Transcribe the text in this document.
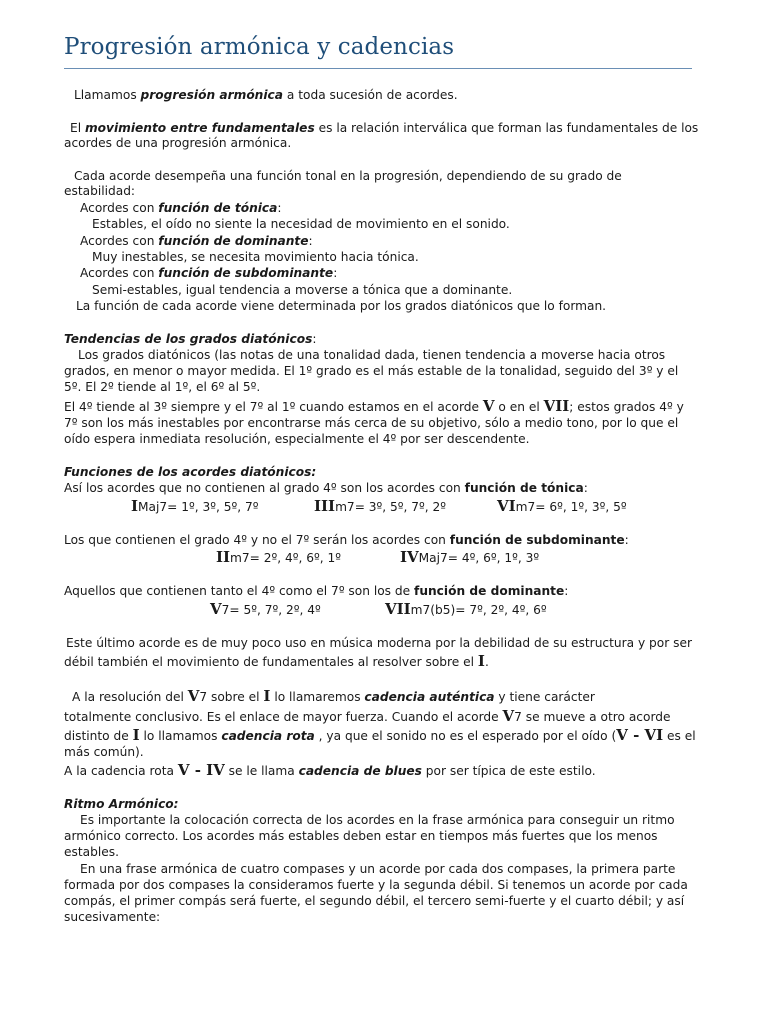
Progresión armónica y cadencias
Llamamos progresión armónica a toda sucesión de acordes.
El movimiento entre fundamentales es la relación interválica que forman las fundamentales de los
acordes de una progresión armónica.
Cada acorde desempeña una función tonal en la progresión, dependiendo de su grado de
estabilidad:
Acordes con función de tónica:
Estables, el oído no siente la necesidad de movimiento en el sonido.
Acordes con función de dominante:
Muy inestables, se necesita movimiento hacia tónica.
Acordes con función de subdominante:
Semi-estables, igual tendencia a moverse a tónica que a dominante.
La función de cada acorde viene determinada por los grados diatónicos que lo forman.
Tendencias de los grados diatónicos:
Los grados diatónicos (las notas de una tonalidad dada, tienen tendencia a moverse hacia otros
grados, en menor o mayor medida. El 1º grado es el más estable de la tonalidad, seguido del 3º y el
5º. El 2º tiende al 1º, el 6º al 5º.
El 4º tiende al 3º siempre y el 7º al 1º cuando estamos en el acorde V o en el VII; estos grados 4º y
7º son los más inestables por encontrarse más cerca de su objetivo, sólo a medio tono, por lo que el
oído espera inmediata resolución, especialmente el 4º por ser descendente.
Funciones de los acordes diatónicos:
Así los acordes que no contienen al grado 4º son los acordes con función de tónica:
IMaj7= 1º, 3º, 5º, 7º	IIIm7= 3º, 5º, 7º, 2º	VIm7= 6º, 1º, 3º, 5º
Los que contienen el grado 4º y no el 7º serán los acordes con función de subdominante:
IIm7= 2º, 4º, 6º, 1º	IVMaj7= 4º, 6º, 1º, 3º
Aquellos que contienen tanto el 4º como el 7º son los de función de dominante:
V7= 5º, 7º, 2º, 4º	VIIm7(b5)= 7º, 2º, 4º, 6º
Este último acorde es de muy poco uso en música moderna por la debilidad de su estructura y por ser
débil también el movimiento de fundamentales al resolver sobre el I.
A la resolución del V7 sobre el I lo llamaremos cadencia auténtica y tiene carácter
totalmente conclusivo. Es el enlace de mayor fuerza. Cuando el acorde V7 se mueve a otro acorde
distinto de I lo llamamos cadencia rota , ya que el sonido no es el esperado por el oído (V - VI es el
más común).
A la cadencia rota V - IV se le llama cadencia de blues por ser típica de este estilo.
Ritmo Armónico:
Es importante la colocación correcta de los acordes en la frase armónica para conseguir un ritmo
armónico correcto. Los acordes más estables deben estar en tiempos más fuertes que los menos
estables.
En una frase armónica de cuatro compases y un acorde por cada dos compases, la primera parte
formada por dos compases la consideramos fuerte y la segunda débil. Si tenemos un acorde por cada
compás, el primer compás será fuerte, el segundo débil, el tercero semi-fuerte y el cuarto débil; y así
sucesivamente:
